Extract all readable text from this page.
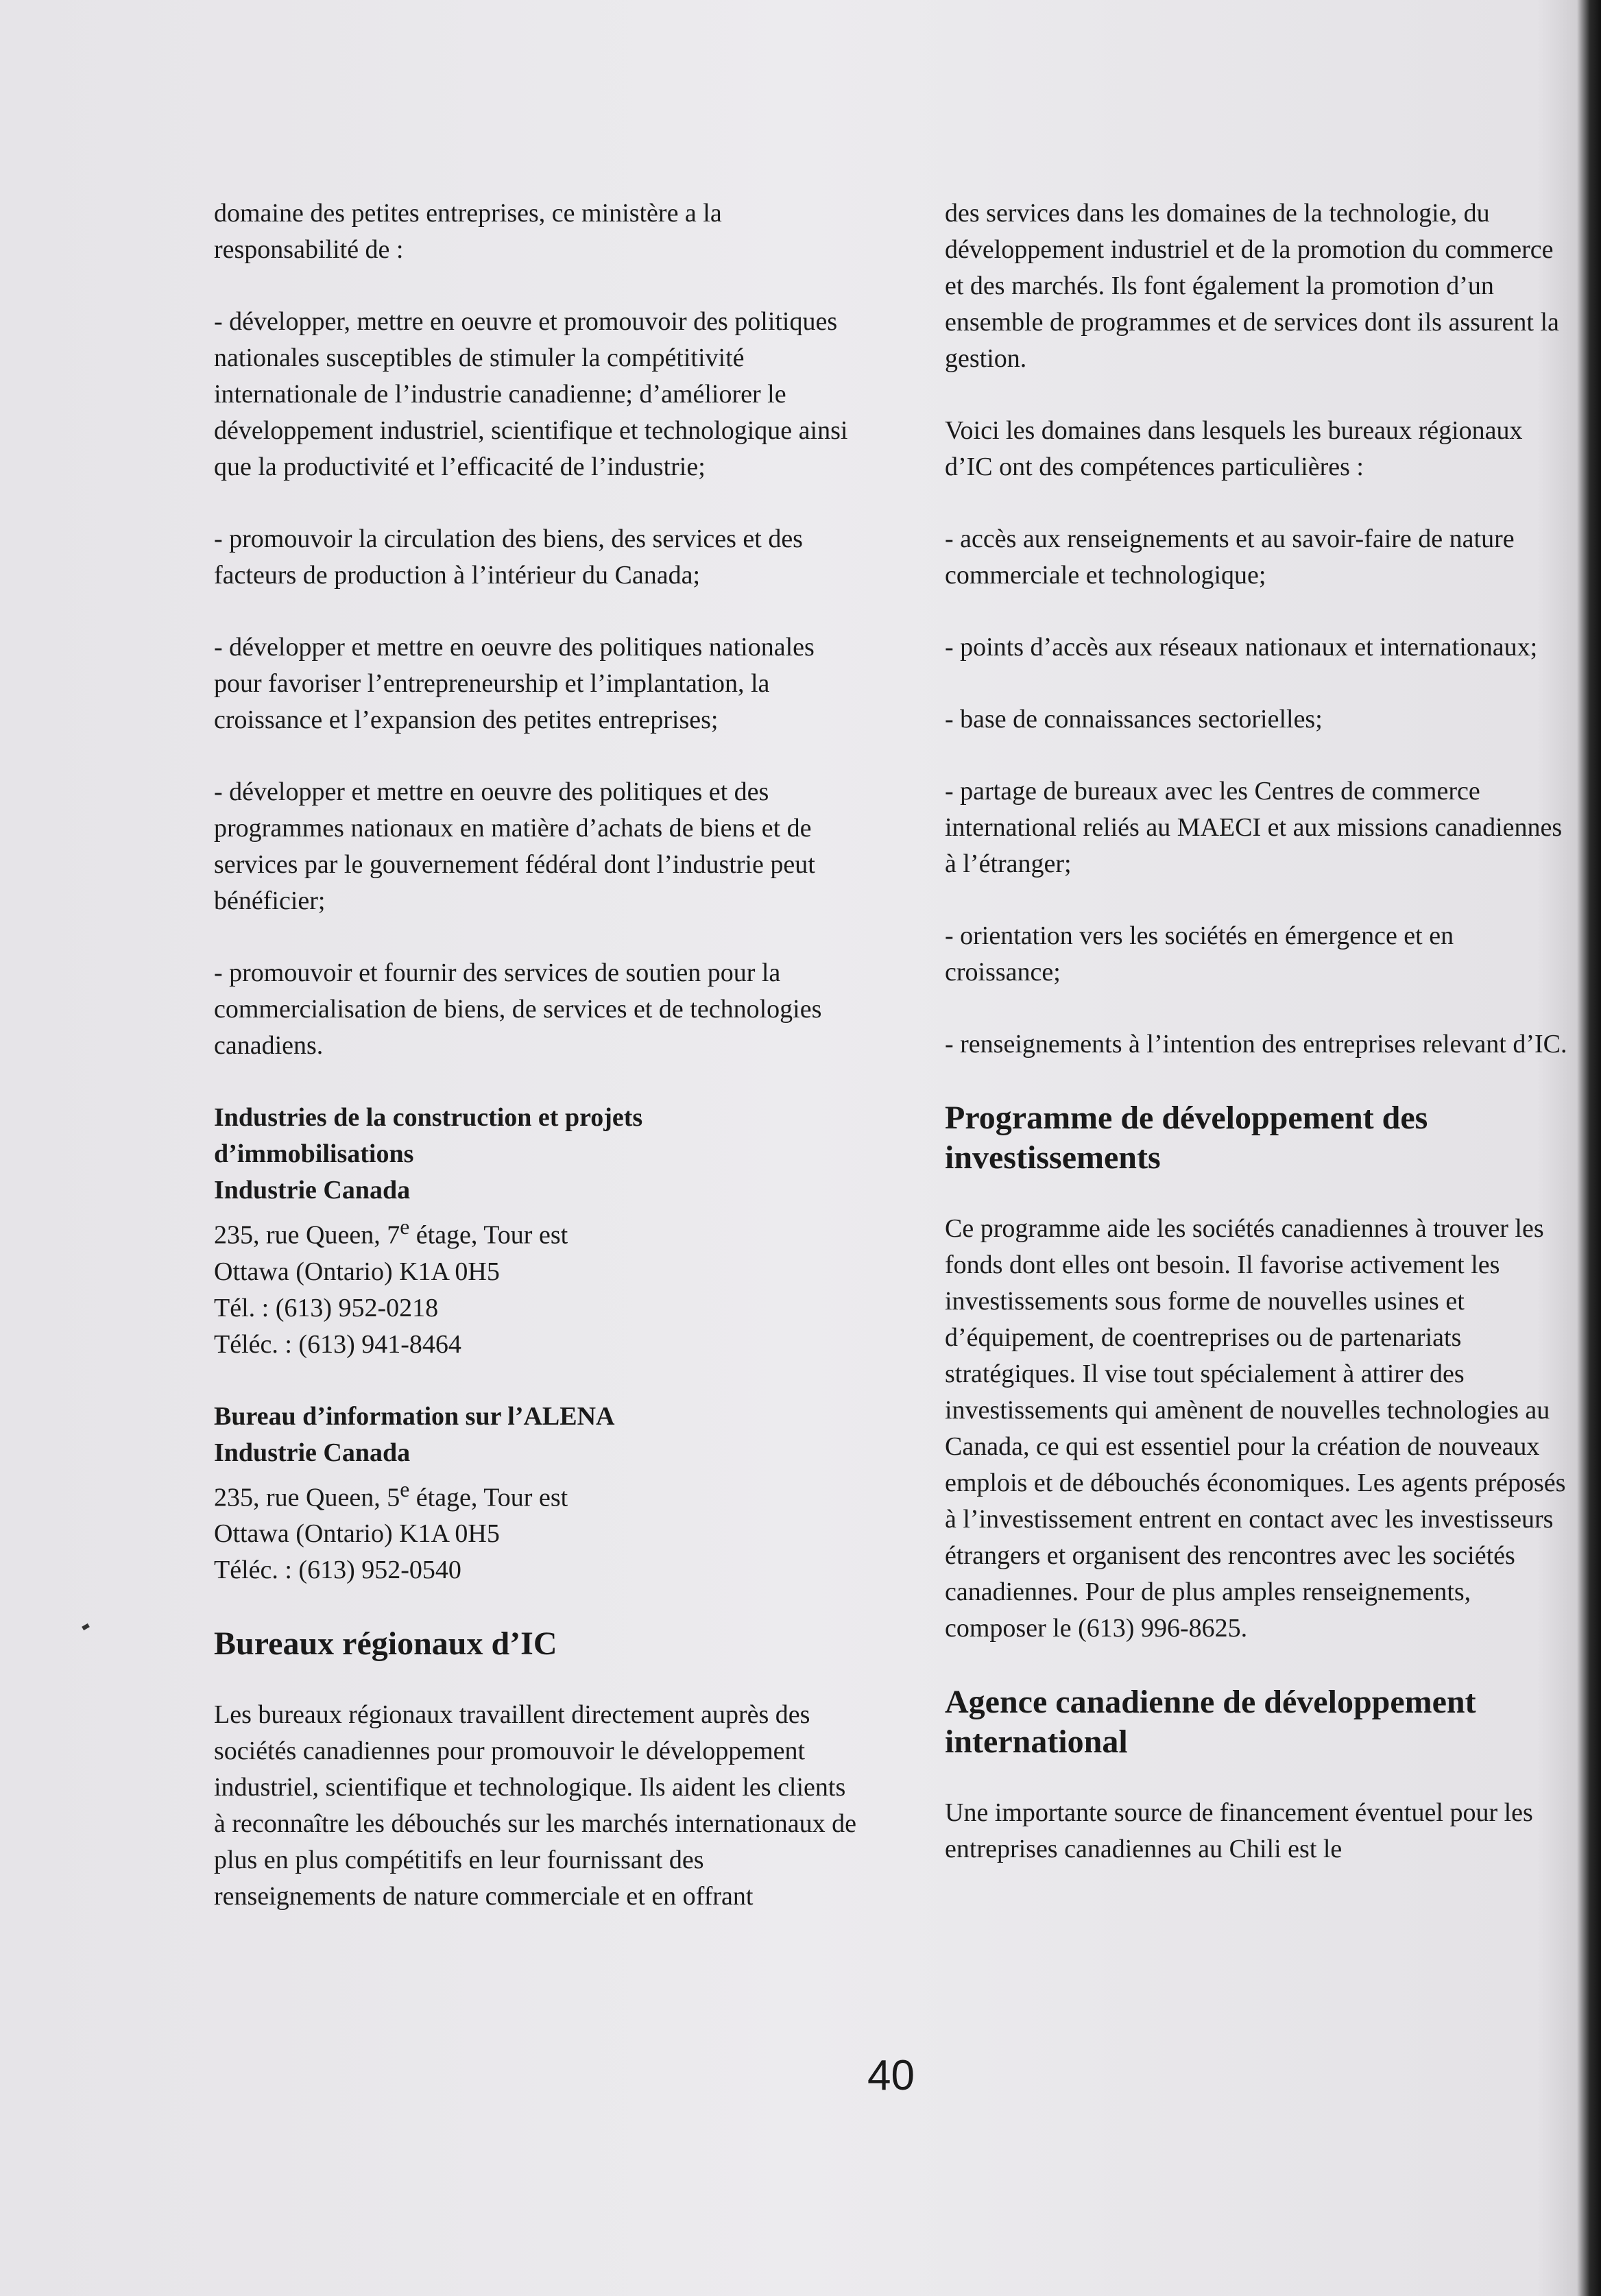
domaine des petites entreprises, ce ministère a la responsabilité de :

- développer, mettre en oeuvre et promouvoir des politiques nationales susceptibles de stimuler la compétitivité internationale de l’industrie canadienne; d’améliorer le développement industriel, scientifique et technologique ainsi que la productivité et l’efficacité de l’industrie;

- promouvoir la circulation des biens, des services et des facteurs de production à l’intérieur du Canada;

- développer et mettre en oeuvre des politiques nationales pour favoriser l’entrepreneurship et l’implantation, la croissance et l’expansion des petites entreprises;

- développer et mettre en oeuvre des politiques et des programmes nationaux en matière d’achats de biens et de services par le gouvernement fédéral dont l’industrie peut bénéficier;

- promouvoir et fournir des services de soutien pour la commercialisation de biens, de services et de technologies canadiens.

Industries de la construction et projets
d’immobilisations
Industrie Canada
235, rue Queen, 7e étage, Tour est
Ottawa (Ontario) K1A 0H5
Tél. : (613) 952-0218
Téléc. : (613) 941-8464
Bureau d’information sur l’ALENA
Industrie Canada
235, rue Queen, 5e étage, Tour est
Ottawa (Ontario) K1A 0H5
Téléc. : (613) 952-0540
Bureaux régionaux d’IC

Les bureaux régionaux travaillent directement auprès des sociétés canadiennes pour promouvoir le développement industriel, scientifique et technologique. Ils aident les clients à reconnaître les débouchés sur les marchés internationaux de plus en plus compétitifs en leur fournissant des renseignements de nature commerciale et en offrant

des services dans les domaines de la technologie, du développement industriel et de la promotion du commerce et des marchés. Ils font également la promotion d’un ensemble de programmes et de services dont ils assurent la gestion.

Voici les domaines dans lesquels les bureaux régionaux d’IC ont des compétences particulières :

- accès aux renseignements et au savoir-faire de nature commerciale et technologique;

- points d’accès aux réseaux nationaux et internationaux;

- base de connaissances sectorielles;

- partage de bureaux avec les Centres de commerce international reliés au MAECI et aux missions canadiennes à l’étranger;

- orientation vers les sociétés en émergence et en croissance;

- renseignements à l’intention des entreprises relevant d’IC.

Programme de développement des investissements

Ce programme aide les sociétés canadiennes à trouver les fonds dont elles ont besoin. Il favorise activement les investissements sous forme de nouvelles usines et d’équipement, de coentreprises ou de partenariats stratégiques. Il vise tout spécialement à attirer des investissements qui amènent de nouvelles technologies au Canada, ce qui est essentiel pour la création de nouveaux emplois et de débouchés économiques. Les agents préposés à l’investissement entrent en contact avec les investisseurs étrangers et organisent des rencontres avec les sociétés canadiennes. Pour de plus amples renseignements, composer le (613) 996-8625.

Agence canadienne de développement international

Une importante source de financement éventuel pour les entreprises canadiennes au Chili est le

40
